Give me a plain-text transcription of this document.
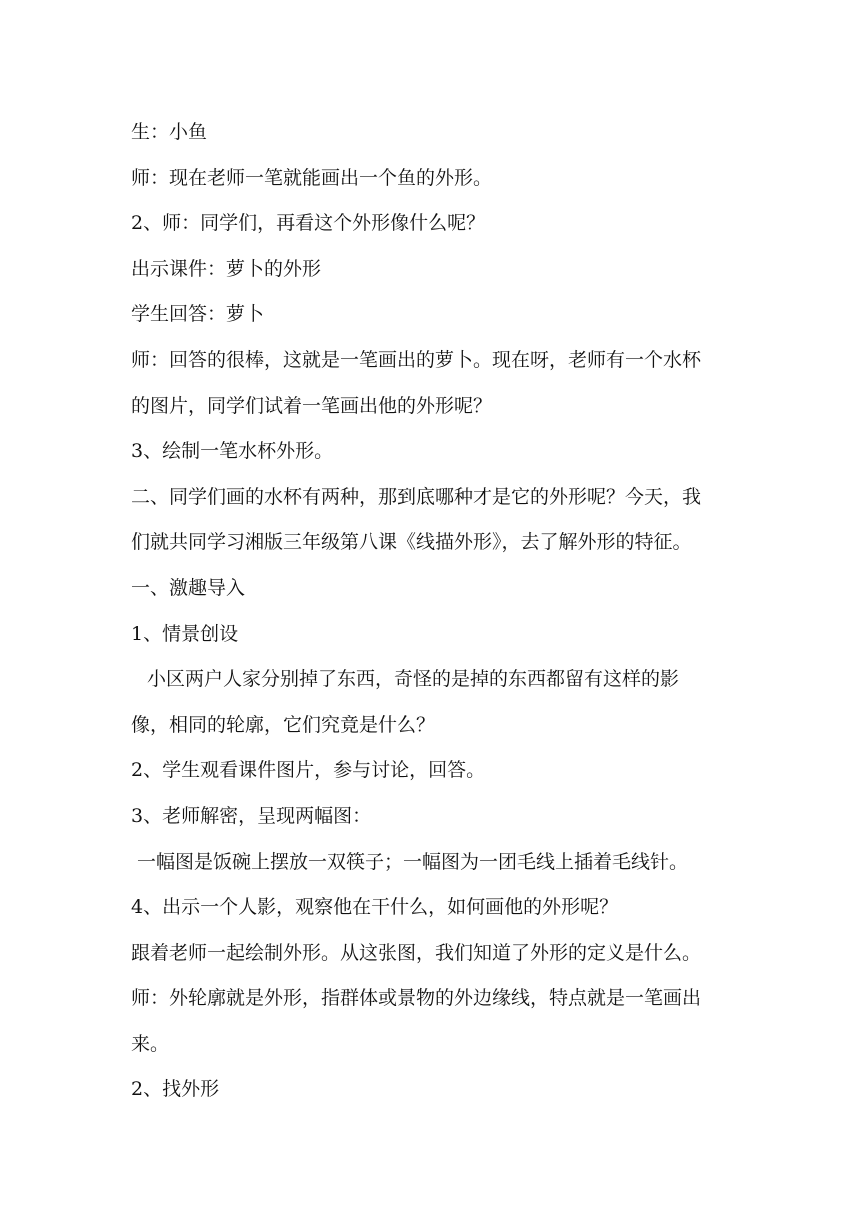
生：小鱼
师：现在老师一笔就能画出一个鱼的外形。
2、师：同学们，再看这个外形像什么呢？
出示课件：萝卜的外形
学生回答：萝卜
师：回答的很棒，这就是一笔画出的萝卜。现在呀，老师有一个水杯
的图片，同学们试着一笔画出他的外形呢？
3、绘制一笔水杯外形。
二、同学们画的水杯有两种，那到底哪种才是它的外形呢？今天，我
们就共同学习湘版三年级第八课《线描外形》，去了解外形的特征。
一、激趣导入
1、情景创设
小区两户人家分别掉了东西，奇怪的是掉的东西都留有这样的影
像，相同的轮廓，它们究竟是什么？
2、学生观看课件图片，参与讨论，回答。
3、老师解密，呈现两幅图：
一幅图是饭碗上摆放一双筷子；一幅图为一团毛线上插着毛线针。
4、出示一个人影，观察他在干什么，如何画他的外形呢？
跟着老师一起绘制外形。从这张图，我们知道了外形的定义是什么。
师：外轮廓就是外形，指群体或景物的外边缘线，特点就是一笔画出
来。
2、找外形
